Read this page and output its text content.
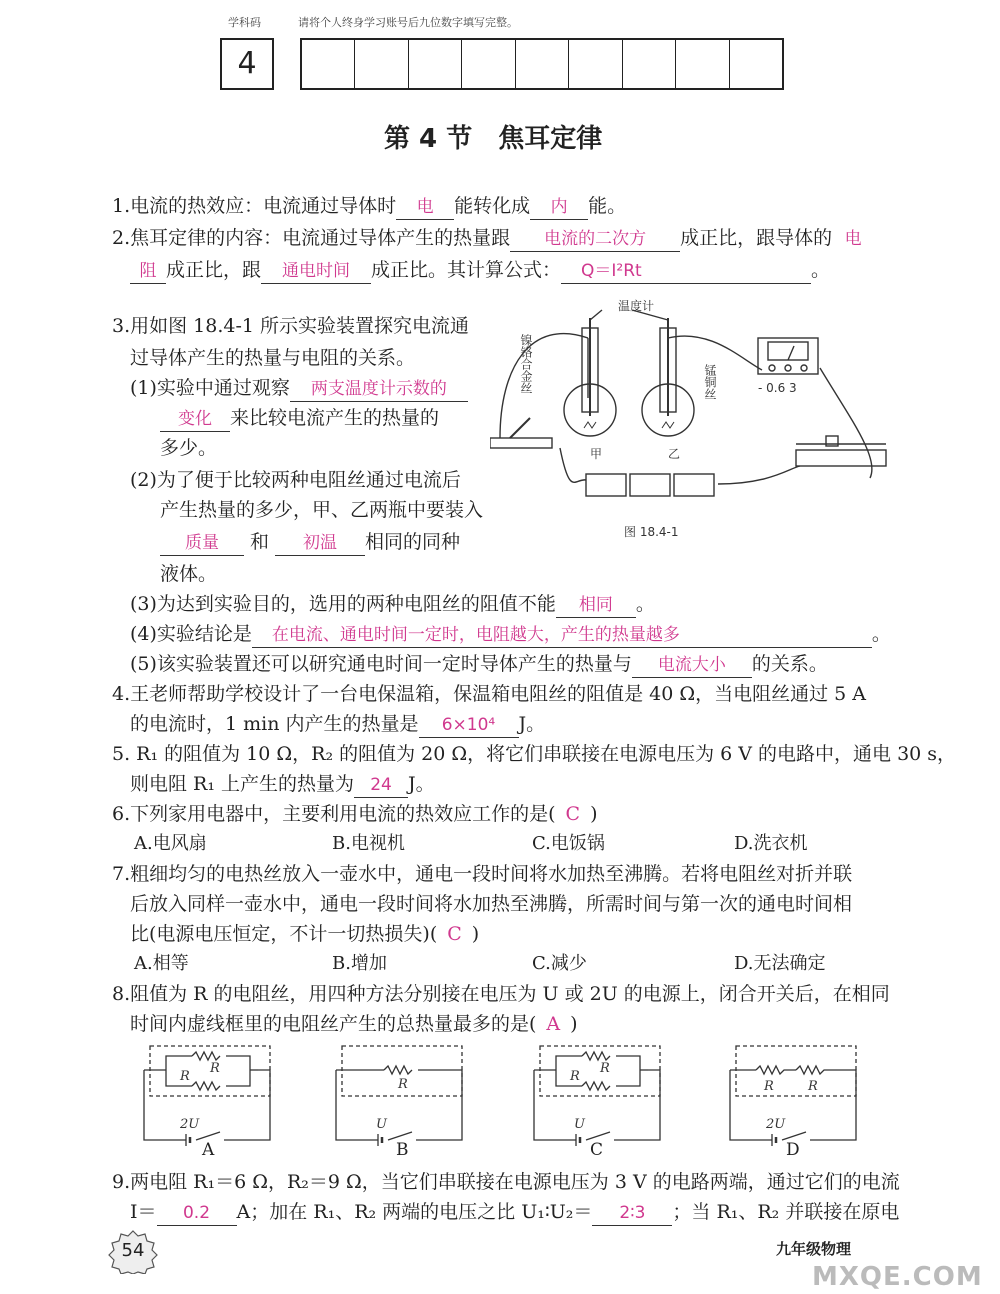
学科码	请将个人终身学习账号后九位数字填写完整。
4
第 4 节　焦耳定律
1.电流的热效应：电流通过导体时 电 能转化成 内 能。
2.焦耳定律的内容：电流通过导体产生的热量跟 电流的二次方 成正比，跟导体的 电
阻 成正比，跟 通电时间 成正比。其计算公式： Q＝I²Rt	。
3.用如图 18.4-1 所示实验装置探究电流通
过导体产生的热量与电阻的关系。
(1)实验中通过观察 两支温度计示数的
变化 来比较电流产生的热量的
多少。
(2)为了便于比较两种电阻丝通过电流后
产生热量的多少，甲、乙两瓶中要装入
质量 和 初温 相同的同种
液体。
(3)为达到实验目的，选用的两种电阻丝的阻值不能 相同 。
(4)实验结论是 在电流、通电时间一定时，电阻越大，产生的热量越多	。
(5)该实验装置还可以研究通电时间一定时导体产生的热量与 电流大小 的关系。
温度计
镍铬合金丝	锰铜丝
甲	乙
- 0.6 3
图 18.4-1
4.王老师帮助学校设计了一台电保温箱，保温箱电阻丝的阻值是 40 Ω，当电阻丝通过 5 A
的电流时，1 min 内产生的热量是 6×10⁴ J。
5. R₁ 的阻值为 10 Ω，R₂ 的阻值为 20 Ω，将它们串联接在电源电压为 6 V 的电路中，通电 30 s，
则电阻 R₁ 上产生的热量为 24 J。
6.下列家用电器中，主要利用电流的热效应工作的是( C )
A.电风扇	B.电视机	C.电饭锅	D.洗衣机
7.粗细均匀的电热丝放入一壶水中，通电一段时间将水加热至沸腾。若将电阻丝对折并联
后放入同样一壶水中，通电一段时间将水加热至沸腾，所需时间与第一次的通电时间相
比(电源电压恒定，不计一切热损失)( C )
A.相等	B.增加	C.减少	D.无法确定
8.阻值为 R 的电阻丝，用四种方法分别接在电压为 U 或 2U 的电源上，闭合开关后，在相同
时间内虚线框里的电阻丝产生的总热量最多的是( A )
R
R
2U
A
R
U
B
R
R
U
C
R	R
2U
D
9.两电阻 R₁＝6 Ω，R₂＝9 Ω，当它们串联接在电源电压为 3 V 的电路两端，通过它们的电流
I＝ 0.2 A；加在 R₁、R₂ 两端的电压之比 U₁∶U₂＝ 2∶3 ；当 R₁、R₂ 并联接在原电
54	九年级物理
MXQE.COM
